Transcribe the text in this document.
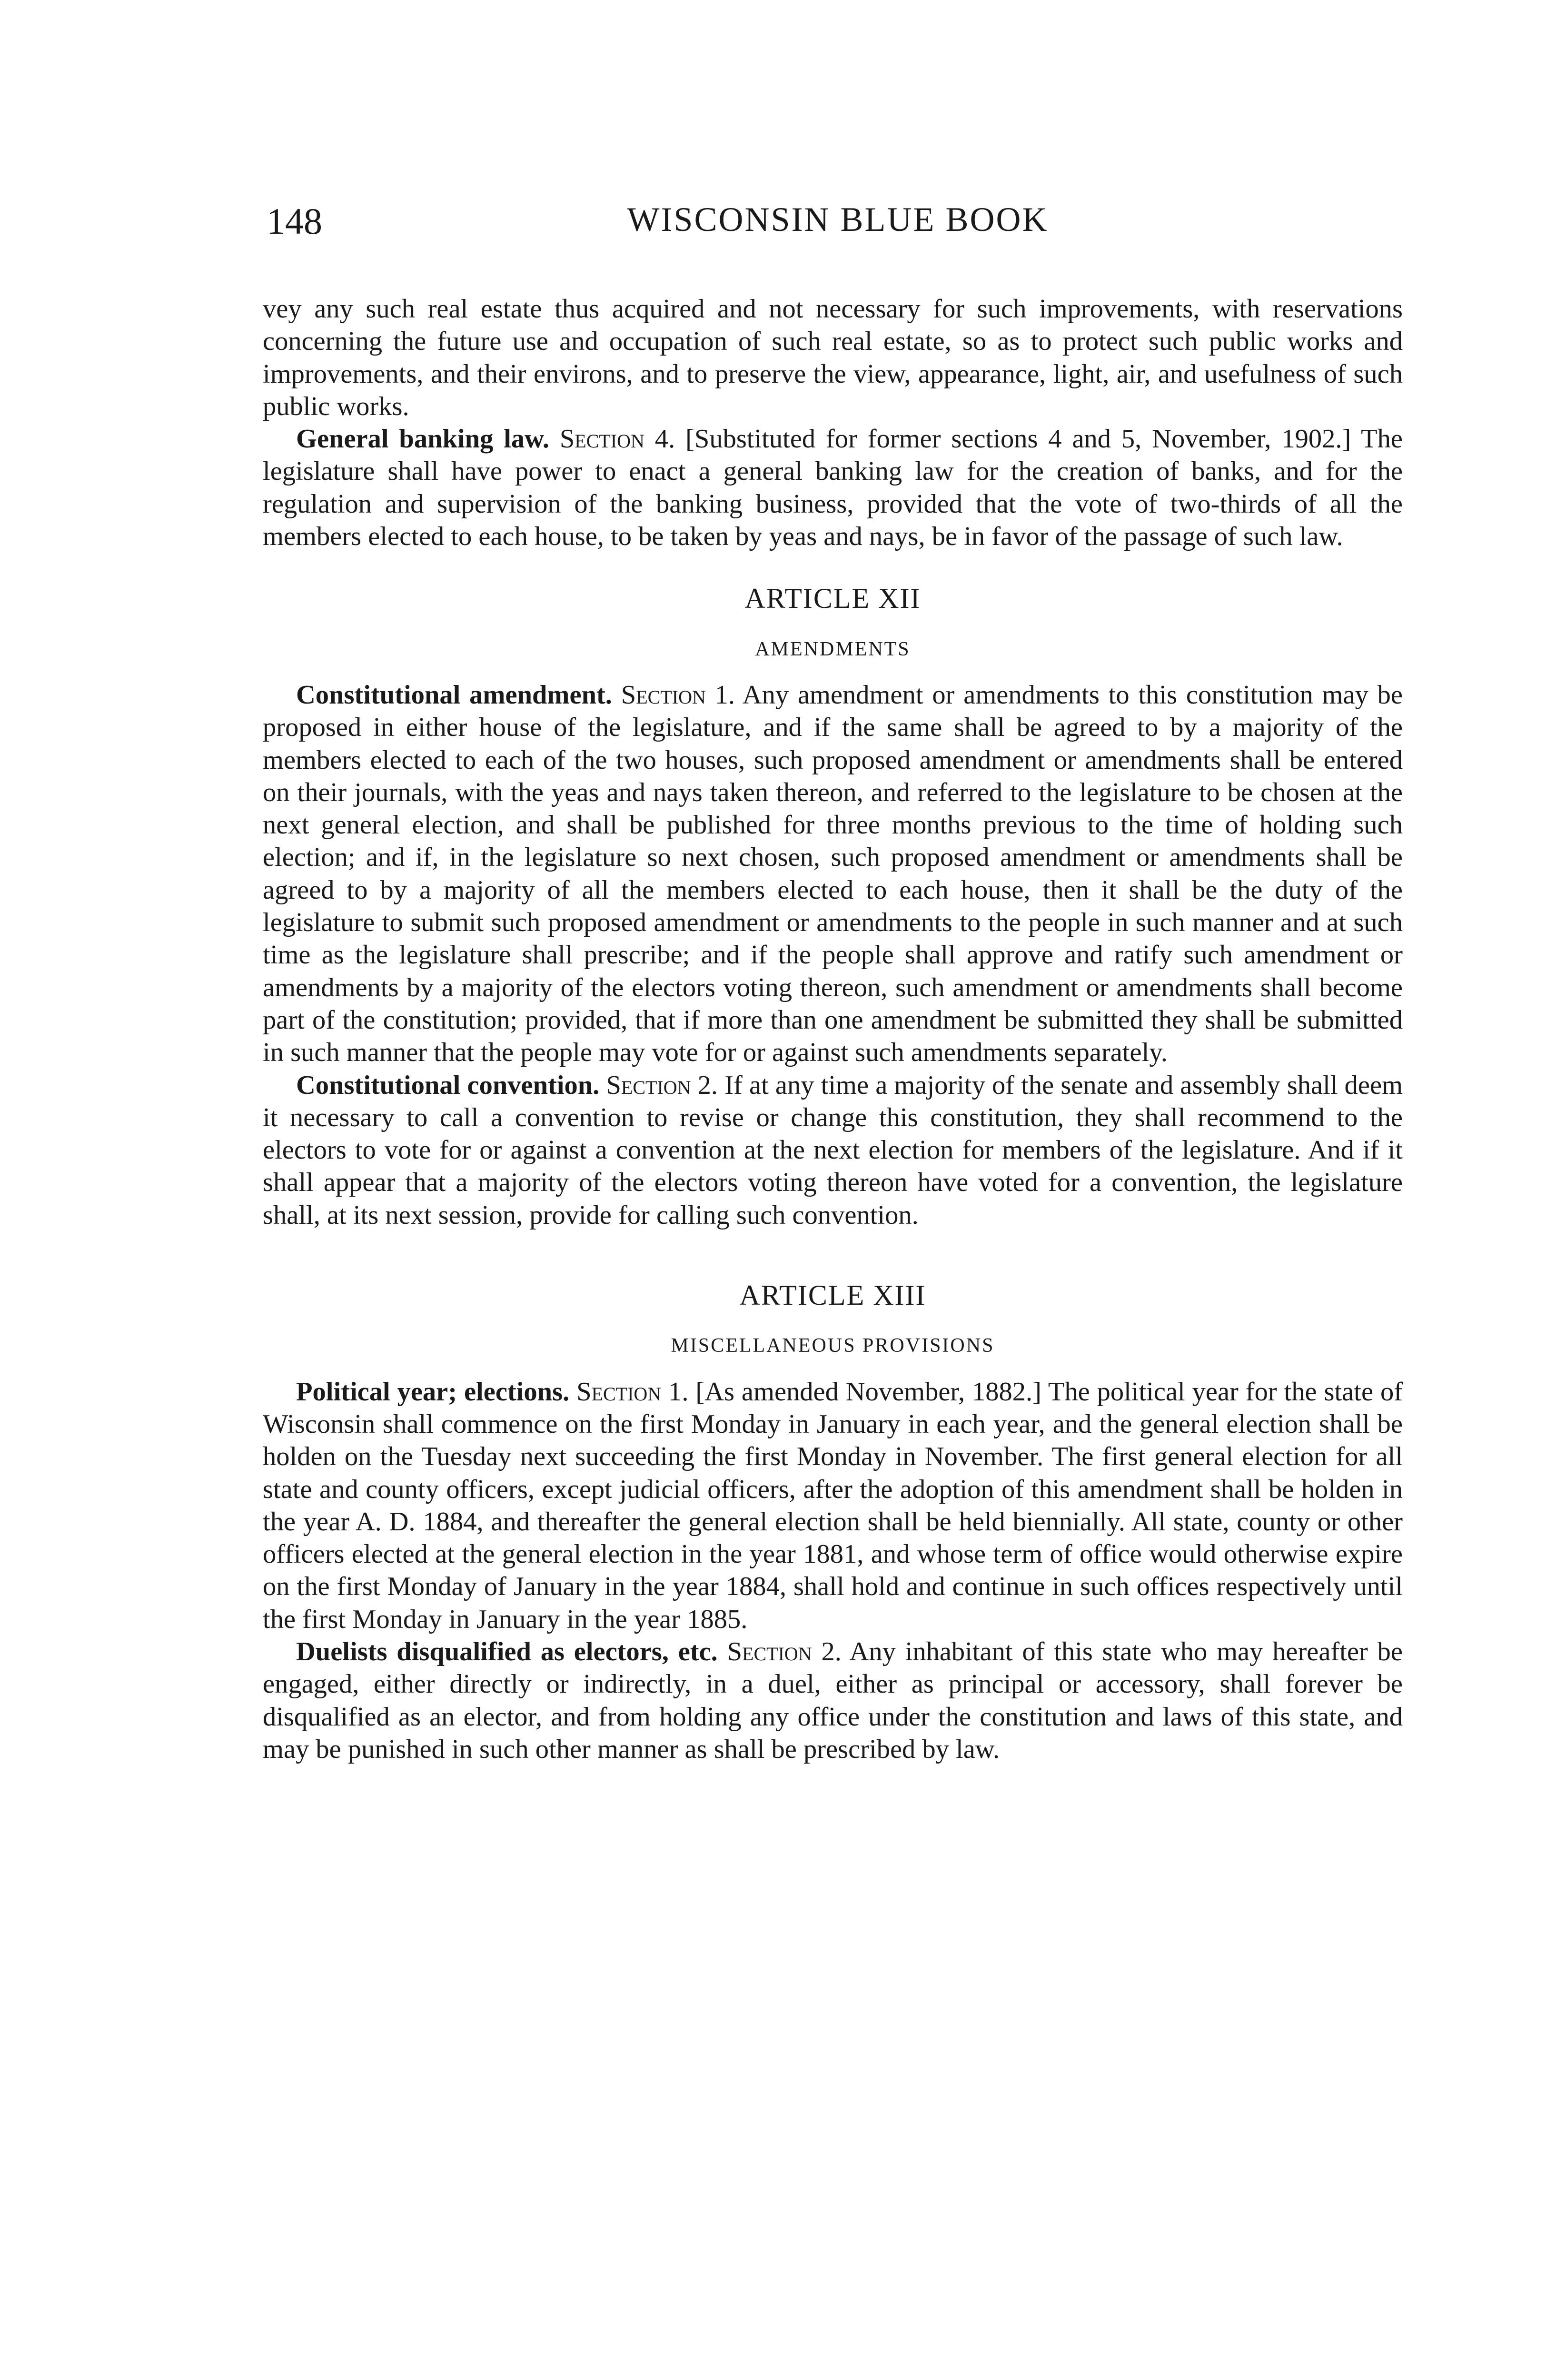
148	WISCONSIN BLUE BOOK

vey any such real estate thus acquired and not necessary for such improvements, with reservations concerning the future use and occupation of such real estate, so as to protect such public works and improvements, and their environs, and to preserve the view, appearance, light, air, and usefulness of such public works.

General banking law. Section 4. [Substituted for former sections 4 and 5, November, 1902.] The legislature shall have power to enact a general banking law for the creation of banks, and for the regulation and supervision of the banking business, provided that the vote of two-thirds of all the members elected to each house, to be taken by yeas and nays, be in favor of the passage of such law.

ARTICLE XII
AMENDMENTS

Constitutional amendment. Section 1. Any amendment or amendments to this constitution may be proposed in either house of the legislature, and if the same shall be agreed to by a majority of the members elected to each of the two houses, such proposed amendment or amendments shall be entered on their journals, with the yeas and nays taken thereon, and referred to the legislature to be chosen at the next general election, and shall be published for three months previous to the time of holding such election; and if, in the legislature so next chosen, such proposed amendment or amendments shall be agreed to by a majority of all the members elected to each house, then it shall be the duty of the legislature to submit such proposed amendment or amendments to the people in such manner and at such time as the legislature shall prescribe; and if the people shall approve and ratify such amendment or amendments by a majority of the electors voting thereon, such amendment or amendments shall become part of the constitution; provided, that if more than one amendment be submitted they shall be submitted in such manner that the people may vote for or against such amendments separately.

Constitutional convention. Section 2. If at any time a majority of the senate and assembly shall deem it necessary to call a convention to revise or change this constitution, they shall recommend to the electors to vote for or against a convention at the next election for members of the legislature. And if it shall appear that a majority of the electors voting thereon have voted for a convention, the legislature shall, at its next session, provide for calling such convention.

ARTICLE XIII
MISCELLANEOUS PROVISIONS

Political year; elections. Section 1. [As amended November, 1882.] The political year for the state of Wisconsin shall commence on the first Monday in January in each year, and the general election shall be holden on the Tuesday next succeeding the first Monday in November. The first general election for all state and county officers, except judicial officers, after the adoption of this amendment shall be holden in the year A. D. 1884, and thereafter the general election shall be held biennially. All state, county or other officers elected at the general election in the year 1881, and whose term of office would otherwise expire on the first Monday of January in the year 1884, shall hold and continue in such offices respectively until the first Monday in January in the year 1885.

Duelists disqualified as electors, etc. Section 2. Any inhabitant of this state who may hereafter be engaged, either directly or indirectly, in a duel, either as principal or accessory, shall forever be disqualified as an elector, and from holding any office under the constitution and laws of this state, and may be punished in such other manner as shall be prescribed by law.
